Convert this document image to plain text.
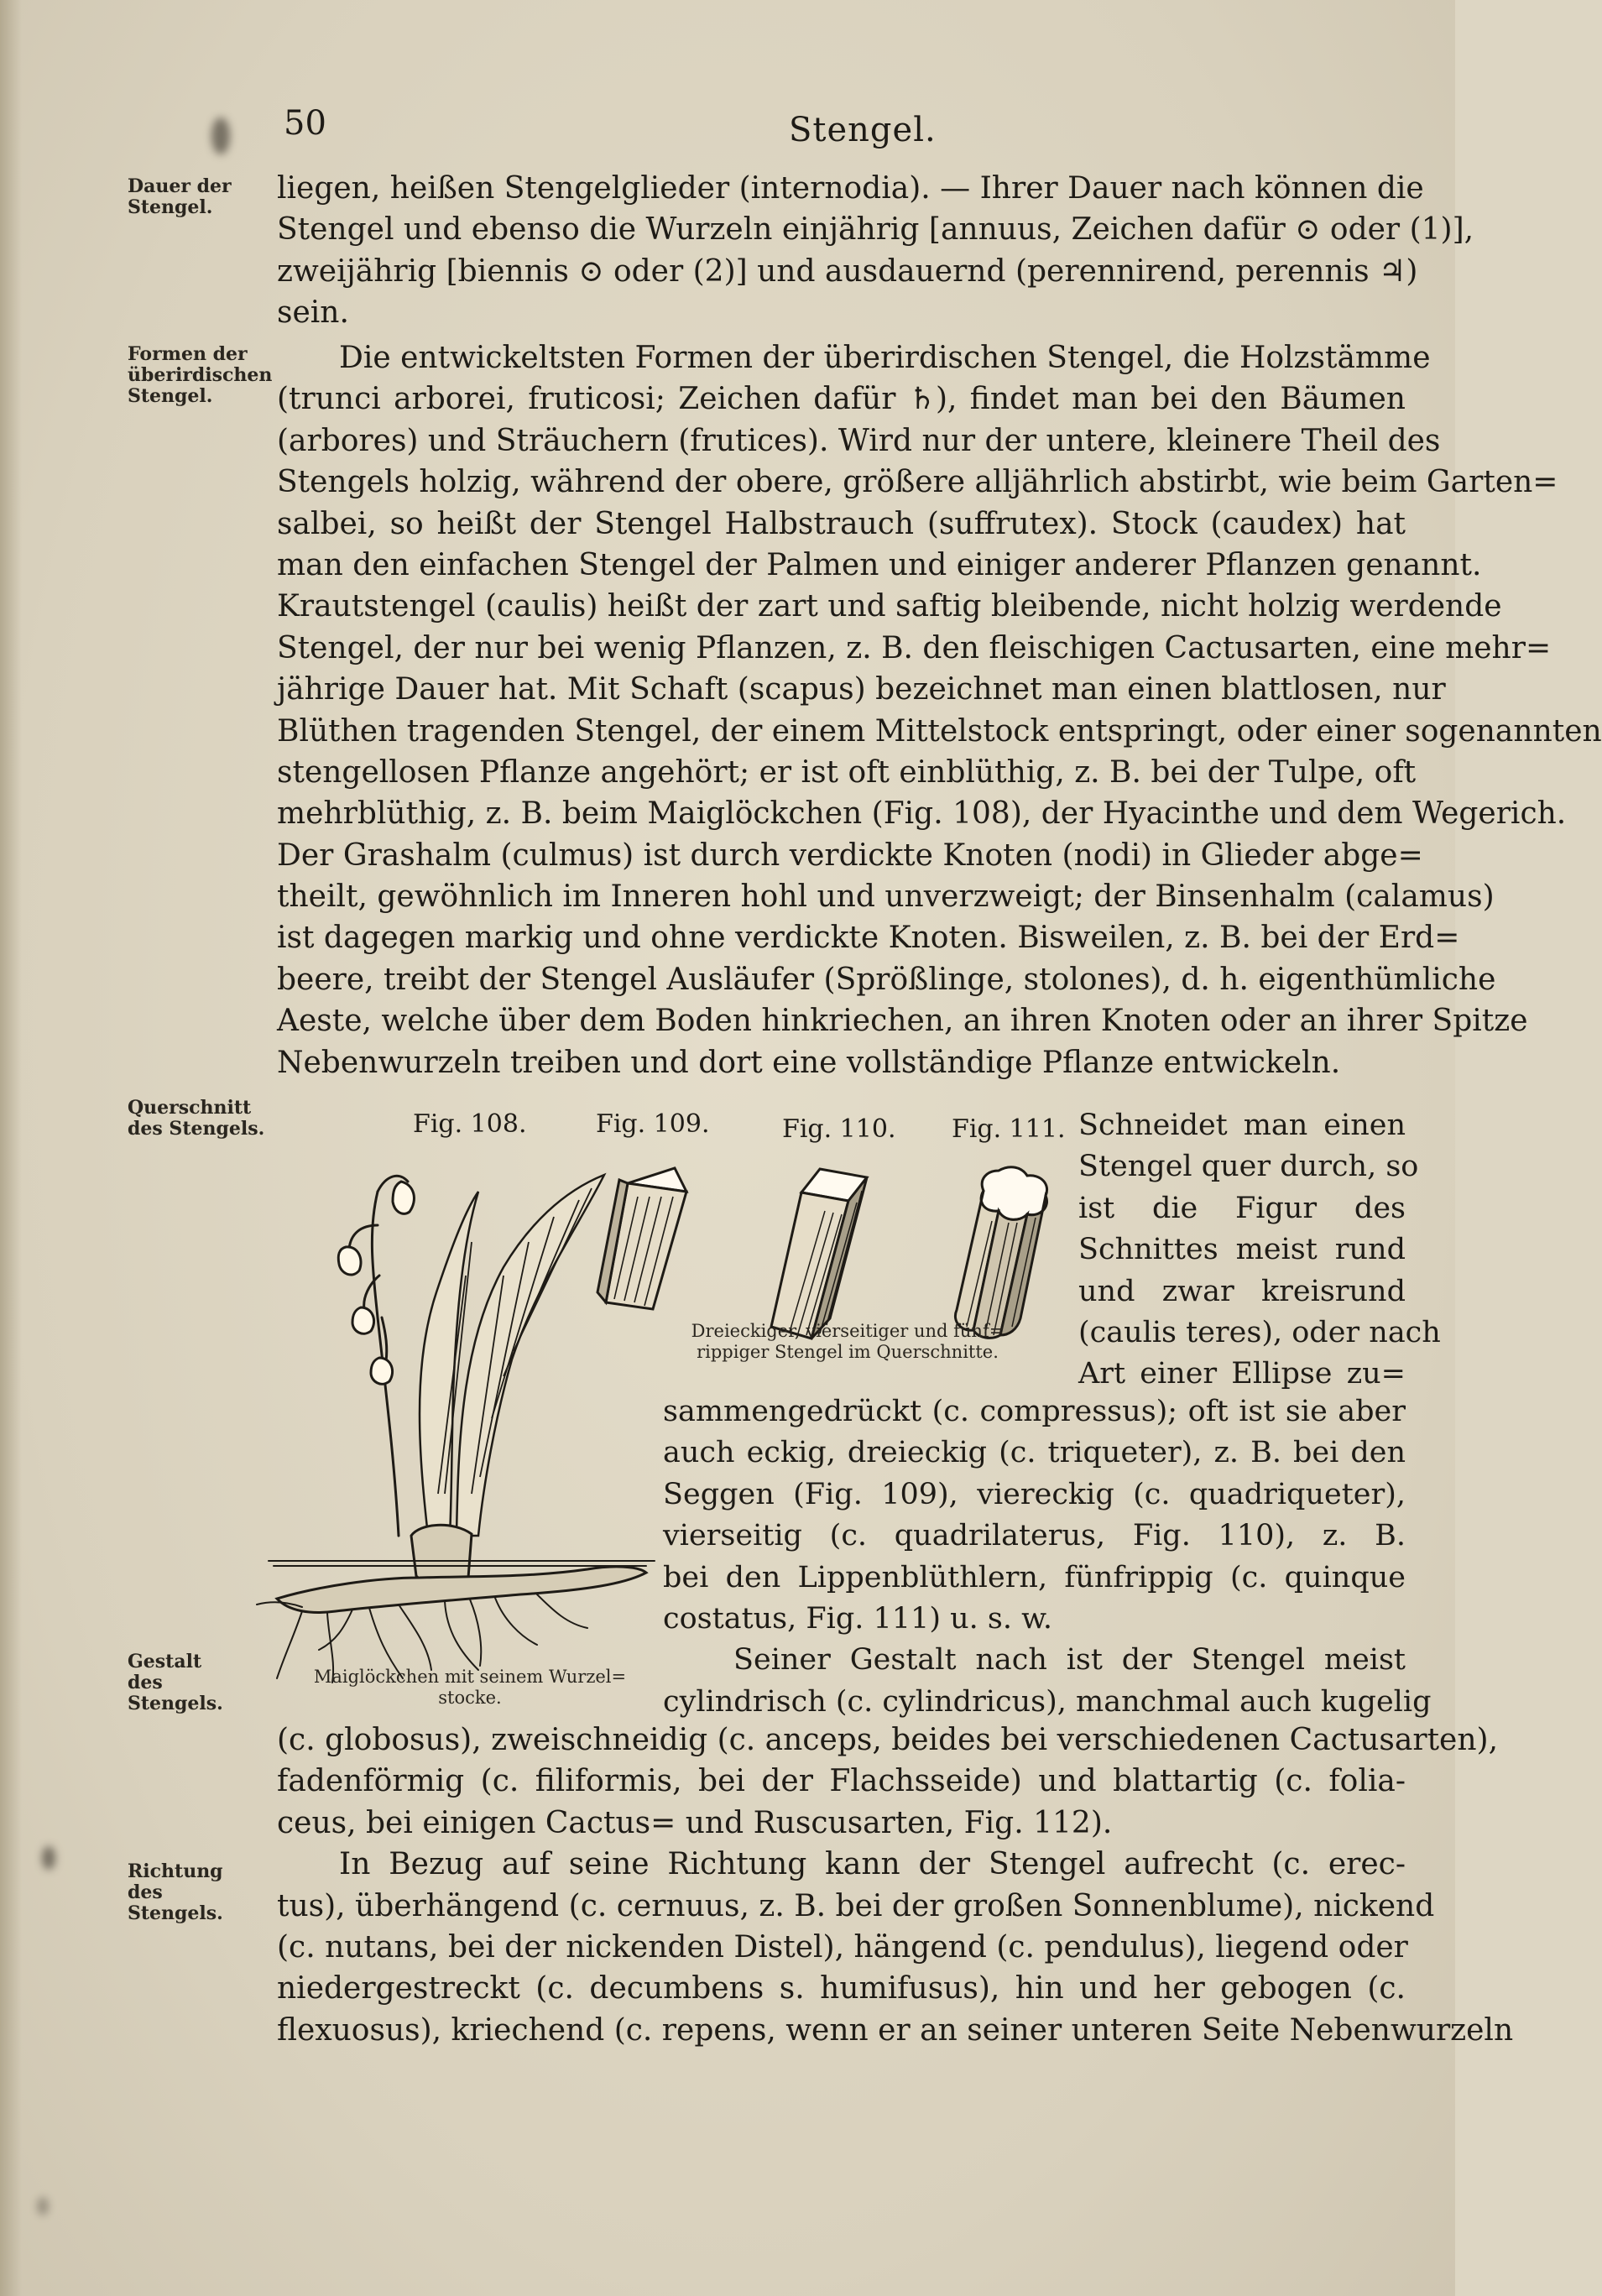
50	Stengel.
Dauer der Stengel.
Formen der überirdischen Stengel.
Querschnitt des Stengels.
Gestalt des Stengels.
Richtung des Stengels.
liegen, heißen Stengelglieder (internodia). — Ihrer Dauer nach können die
Stengel und ebenso die Wurzeln einjährig [annuus, Zeichen dafür ⊙ oder (1)],
zweijährig [biennis ⊙ oder (2)] und ausdauernd (perennirend, perennis ♃)
sein.
Die entwickeltsten Formen der überirdischen Stengel, die Holzstämme
(trunci arborei, fruticosi; Zeichen dafür ♄), findet man bei den Bäumen
(arbores) und Sträuchern (frutices). Wird nur der untere, kleinere Theil des
Stengels holzig, während der obere, größere alljährlich abstirbt, wie beim Garten=
salbei, so heißt der Stengel Halbstrauch (suffrutex). Stock (caudex) hat
man den einfachen Stengel der Palmen und einiger anderer Pflanzen genannt.
Krautstengel (caulis) heißt der zart und saftig bleibende, nicht holzig werdende
Stengel, der nur bei wenig Pflanzen, z. B. den fleischigen Cactusarten, eine mehr=
jährige Dauer hat. Mit Schaft (scapus) bezeichnet man einen blattlosen, nur
Blüthen tragenden Stengel, der einem Mittelstock entspringt, oder einer sogenannten
stengellosen Pflanze angehört; er ist oft einblüthig, z. B. bei der Tulpe, oft
mehrblüthig, z. B. beim Maiglöckchen (Fig. 108), der Hyacinthe und dem Wegerich.
Der Grashalm (culmus) ist durch verdickte Knoten (nodi) in Glieder abge=
theilt, gewöhnlich im Inneren hohl und unverzweigt; der Binsenhalm (calamus)
ist dagegen markig und ohne verdickte Knoten. Bisweilen, z. B. bei der Erd=
beere, treibt der Stengel Ausläufer (Sprößlinge, stolones), d. h. eigenthümliche
Aeste, welche über dem Boden hinkriechen, an ihren Knoten oder an ihrer Spitze
Nebenwurzeln treiben und dort eine vollständige Pflanze entwickeln.
Fig. 108.	Fig. 109.	Fig. 110. Fig. 111.
Maiglöckchen mit seinem Wurzel=
stocke.
Dreieckiger, vierseitiger und fünf=
rippiger Stengel im Querschnitte.
Schneidet man einen
Stengel quer durch, so
ist die Figur des
Schnittes meist rund
und zwar kreisrund
(caulis teres), oder nach
Art einer Ellipse zu=
sammengedrückt (c. compressus); oft ist sie aber
auch eckig, dreieckig (c. triqueter), z. B. bei den
Seggen (Fig. 109), viereckig (c. quadriqueter),
vierseitig (c. quadrilaterus, Fig. 110), z. B.
bei den Lippenblüthlern, fünfrippig (c. quinque
costatus, Fig. 111) u. s. w.
Seiner Gestalt nach ist der Stengel meist
cylindrisch (c. cylindricus), manchmal auch kugelig
(c. globosus), zweischneidig (c. anceps, beides bei verschiedenen Cactusarten),
fadenförmig (c. filiformis, bei der Flachsseide) und blattartig (c. folia-
ceus, bei einigen Cactus= und Ruscusarten, Fig. 112).
In Bezug auf seine Richtung kann der Stengel aufrecht (c. erec-
tus), überhängend (c. cernuus, z. B. bei der großen Sonnenblume), nickend
(c. nutans, bei der nickenden Distel), hängend (c. pendulus), liegend oder
niedergestreckt (c. decumbens s. humifusus), hin und her gebogen (c.
flexuosus), kriechend (c. repens, wenn er an seiner unteren Seite Nebenwurzeln
